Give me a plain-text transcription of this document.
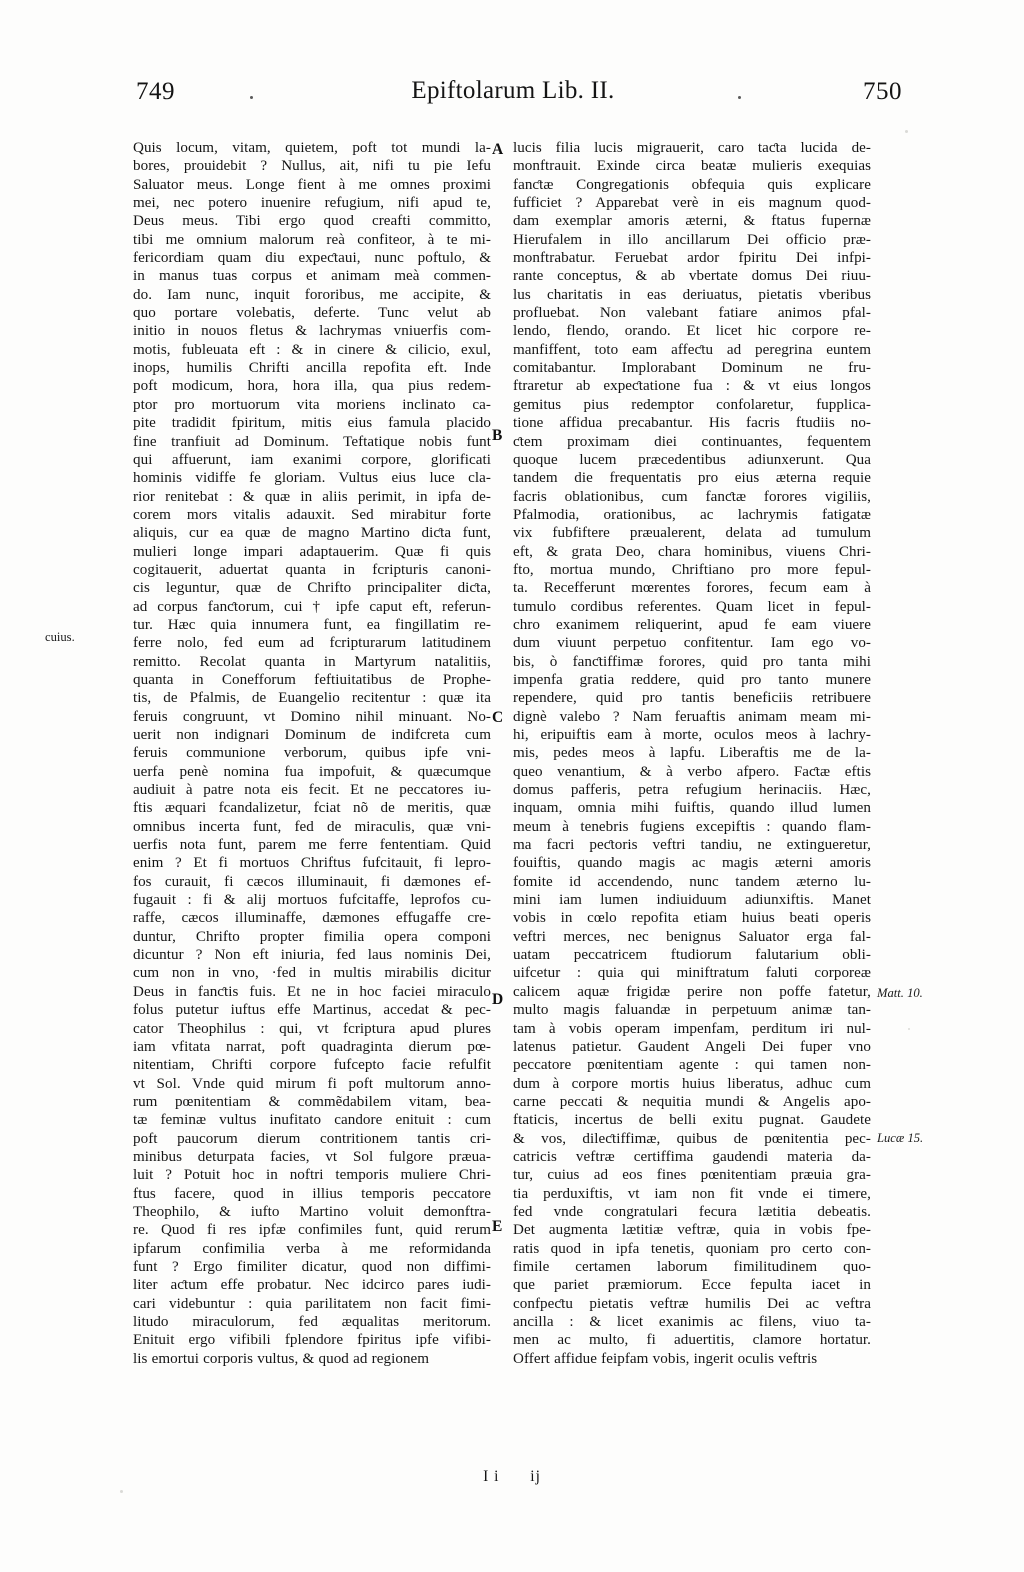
749	Epiftolarum Lib. II.	750

Quis locum, vitam, quietem, poft tot mundi la-
bores, prouidebit ? Nullus, ait, nifi tu pie Iefu
Saluator meus. Longe fient à me omnes proximi
mei, nec potero inuenire refugium, nifi apud te,
Deus meus. Tibi ergo quod creafti committo,
tibi me omnium malorum reà confiteor, à te mi-
fericordiam quam diu expeƈtaui, nunc poftulo, &
in manus tuas corpus et animam meà commen-
do. Iam nunc, inquit fororibus, me accipite, &
quo portare volebatis, deferte. Tunc velut ab
initio in nouos fletus & lachrymas vniuerfis com-
motis, fubleuata eft : & in cinere & cilicio, exul,
inops, humilis Chrifti ancilla repofita eft. Inde
poft modicum, hora, hora illa, qua pius redem-
ptor pro mortuorum vita moriens inclinato ca-
pite tradidit fpiritum, mitis eius famula placido
fine tranfiuit ad Dominum. Teftatique nobis funt
qui affuerunt, iam exanimi corpore, glorificati
hominis vidiffe fe gloriam. Vultus eius luce cla-
rior renitebat : & quæ in aliis perimit, in ipfa de-
corem mors vitalis adauxit. Sed mirabitur forte
aliquis, cur ea quæ de magno Martino diƈta funt,
mulieri longe impari adaptauerim. Quæ fi quis
cogitauerit, aduertat quanta in fcripturis canoni-
cis leguntur, quæ de Chrifto principaliter diƈta,
ad corpus fanƈtorum, cui † ipfe caput eft, referun-
tur. Hæc quia innumera funt, ea fingillatim re-
ferre nolo, fed eum ad fcripturarum latitudinem
remitto. Recolat quanta in Martyrum natalitiis,
quanta in Conefforum feftiuitatibus de Prophe-
tis, de Pfalmis, de Euangelio recitentur : quæ ita
feruis congruunt, vt Domino nihil minuant. No-
uerit non indignari Dominum de indifcreta cum
feruis communione verborum, quibus ipfe vni-
uerfa penè nomina fua impofuit, & quæcumque
audiuit à patre nota eis fecit. Et ne peccatores iu-
ftis æquari fcandalizetur, fciat nõ de meritis, quæ
omnibus incerta funt, fed de miraculis, quæ vni-
uerfis nota funt, parem me ferre fententiam. Quid
enim ? Et fi mortuos Chriftus fufcitauit, fi lepro-
fos curauit, fi cæcos illuminauit, fi dæmones ef-
fugauit : fi & alij mortuos fufcitaffe, leprofos cu-
raffe, cæcos illuminaffe, dæmones effugaffe cre-
duntur, Chrifto propter fimilia opera componi
dicuntur ? Non eft iniuria, fed laus nominis Dei,
cum non in vno, ·fed in multis mirabilis dicitur
Deus in fanƈtis fuis. Et ne in hoc faciei miraculo
folus putetur iuftus effe Martinus, accedat & pec-
cator Theophilus : qui, vt fcriptura apud plures
iam vfitata narrat, poft quadraginta dierum pœ-
nitentiam, Chrifti corpore fufcepto facie refulfit
vt Sol. Vnde quid mirum fi poft multorum anno-
rum pœnitentiam & commẽdabilem vitam, bea-
tæ feminæ vultus inufitato candore enituit : cum
poft paucorum dierum contritionem tantis cri-
minibus deturpata facies, vt Sol fulgore præua-
luit ? Potuit hoc in noftri temporis muliere Chri-
ftus facere, quod in illius temporis peccatore
Theophilo, & iufto Martino voluit demonftra-
re. Quod fi res ipfæ confimiles funt, quid rerum
ipfarum confimilia verba à me reformidanda
funt ? Ergo fimiliter dicatur, quod non diffimi-
liter aƈtum effe probatur. Nec idcirco pares iudi-
cari videbuntur : quia parilitatem non facit fimi-
litudo miraculorum, fed æqualitas meritorum.
Enituit ergo vifibili fplendore fpiritus ipfe vifibi-
lis emortui corporis vultus, & quod ad regionem

lucis filia lucis migrauerit, caro taƈta lucida de-
monftrauit. Exinde circa beatæ mulieris exequias
fanƈtæ Congregationis obfequia quis explicare
fufficiet ? Apparebat verè in eis magnum quod-
dam exemplar amoris æterni, & ftatus fupernæ
Hierufalem in illo ancillarum Dei officio præ-
monftrabatur. Feruebat ardor fpiritu Dei infpi-
rante conceptus, & ab vbertate domus Dei riuu-
lus charitatis in eas deriuatus, pietatis vberibus
profluebat. Non valebant fatiare animos pfal-
lendo, flendo, orando. Et licet hic corpore re-
manfiffent, toto eam affeƈtu ad peregrina euntem
comitabantur. Implorabant Dominum ne fru-
ftraretur ab expeƈtatione fua : & vt eius longos
gemitus pius redemptor confolaretur, fupplica-
tione affidua precabantur. His facris ftudiis no-
ƈtem proximam diei continuantes, fequentem
quoque lucem præcedentibus adiunxerunt. Qua
tandem die frequentatis pro eius æterna requie
facris oblationibus, cum fanƈtæ forores vigiliis,
Pfalmodia, orationibus, ac lachrymis fatigatæ
vix fubfiftere præualerent, delata ad tumulum
eft, & grata Deo, chara hominibus, viuens Chri-
fto, mortua mundo, Chriftiano pro more fepul-
ta. Recefferunt mœrentes forores, fecum eam à
tumulo cordibus referentes. Quam licet in fepul-
chro exanimem reliquerint, apud fe eam viuere
dum viuunt perpetuo confitentur. Iam ego vo-
bis, ò fanƈtiffimæ forores, quid pro tanta mihi
impenfa gratia reddere, quid pro tanto munere
rependere, quid pro tantis beneficiis retribuere
dignè valebo ? Nam feruaftis animam meam mi-
hi, eripuiftis eam à morte, oculos meos à lachry-
mis, pedes meos à lapfu. Liberaftis me de la-
queo venantium, & à verbo afpero. Faƈtæ eftis
domus pafferis, petra refugium herinaciis. Hæc,
inquam, omnia mihi fuiftis, quando illud lumen
meum à tenebris fugiens excepiftis : quando flam-
ma facri peƈtoris veftri tandiu, ne extingueretur,
fouiftis, quando magis ac magis æterni amoris
fomite id accendendo, nunc tandem æterno lu-
mini iam lumen indiuiduum adiunxiftis. Manet
vobis in cœlo repofita etiam huius beati operis
veftri merces, nec benignus Saluator erga fal-
uatam peccatricem ftudiorum falutarium obli-
uifcetur : quia qui miniftratum faluti corporeæ
calicem aquæ frigidæ perire non poffe fatetur,
multo magis faluandæ in perpetuum animæ tan-
tam à vobis operam impenfam, perditum iri nul-
latenus patietur. Gaudent Angeli Dei fuper vno
peccatore pœnitentiam agente : qui tamen non-
dum à corpore mortis huius liberatus, adhuc cum
carne peccati & nequitia mundi & Angelis apo-
ftaticis, incertus de belli exitu pugnat. Gaudete
& vos, dileƈtiffimæ, quibus de pœnitentia pec-
catricis veftræ certiffima gaudendi materia da-
tur, cuius ad eos fines pœnitentiam præuia gra-
tia perduxiftis, vt iam non fit vnde ei timere,
fed vnde congratulari fecura lætitia debeatis.
Det augmenta lætitiæ veftræ, quia in vobis fpe-
ratis quod in ipfa tenetis, quoniam pro certo con-
fimile certamen laborum fimilitudinem quo-
que pariet præmiorum. Ecce fepulta iacet in
confpeƈtu pietatis veftræ humilis Dei ac veftra
ancilla : & licet exanimis ac filens, viuo ta-
men ac multo, fi aduertitis, clamore hortatur.
Offert affidue feipfam vobis, ingerit oculis veftris

A
B
C
D
E
cuius.
Matt. 10.
Lucæ 15.
I i ij
